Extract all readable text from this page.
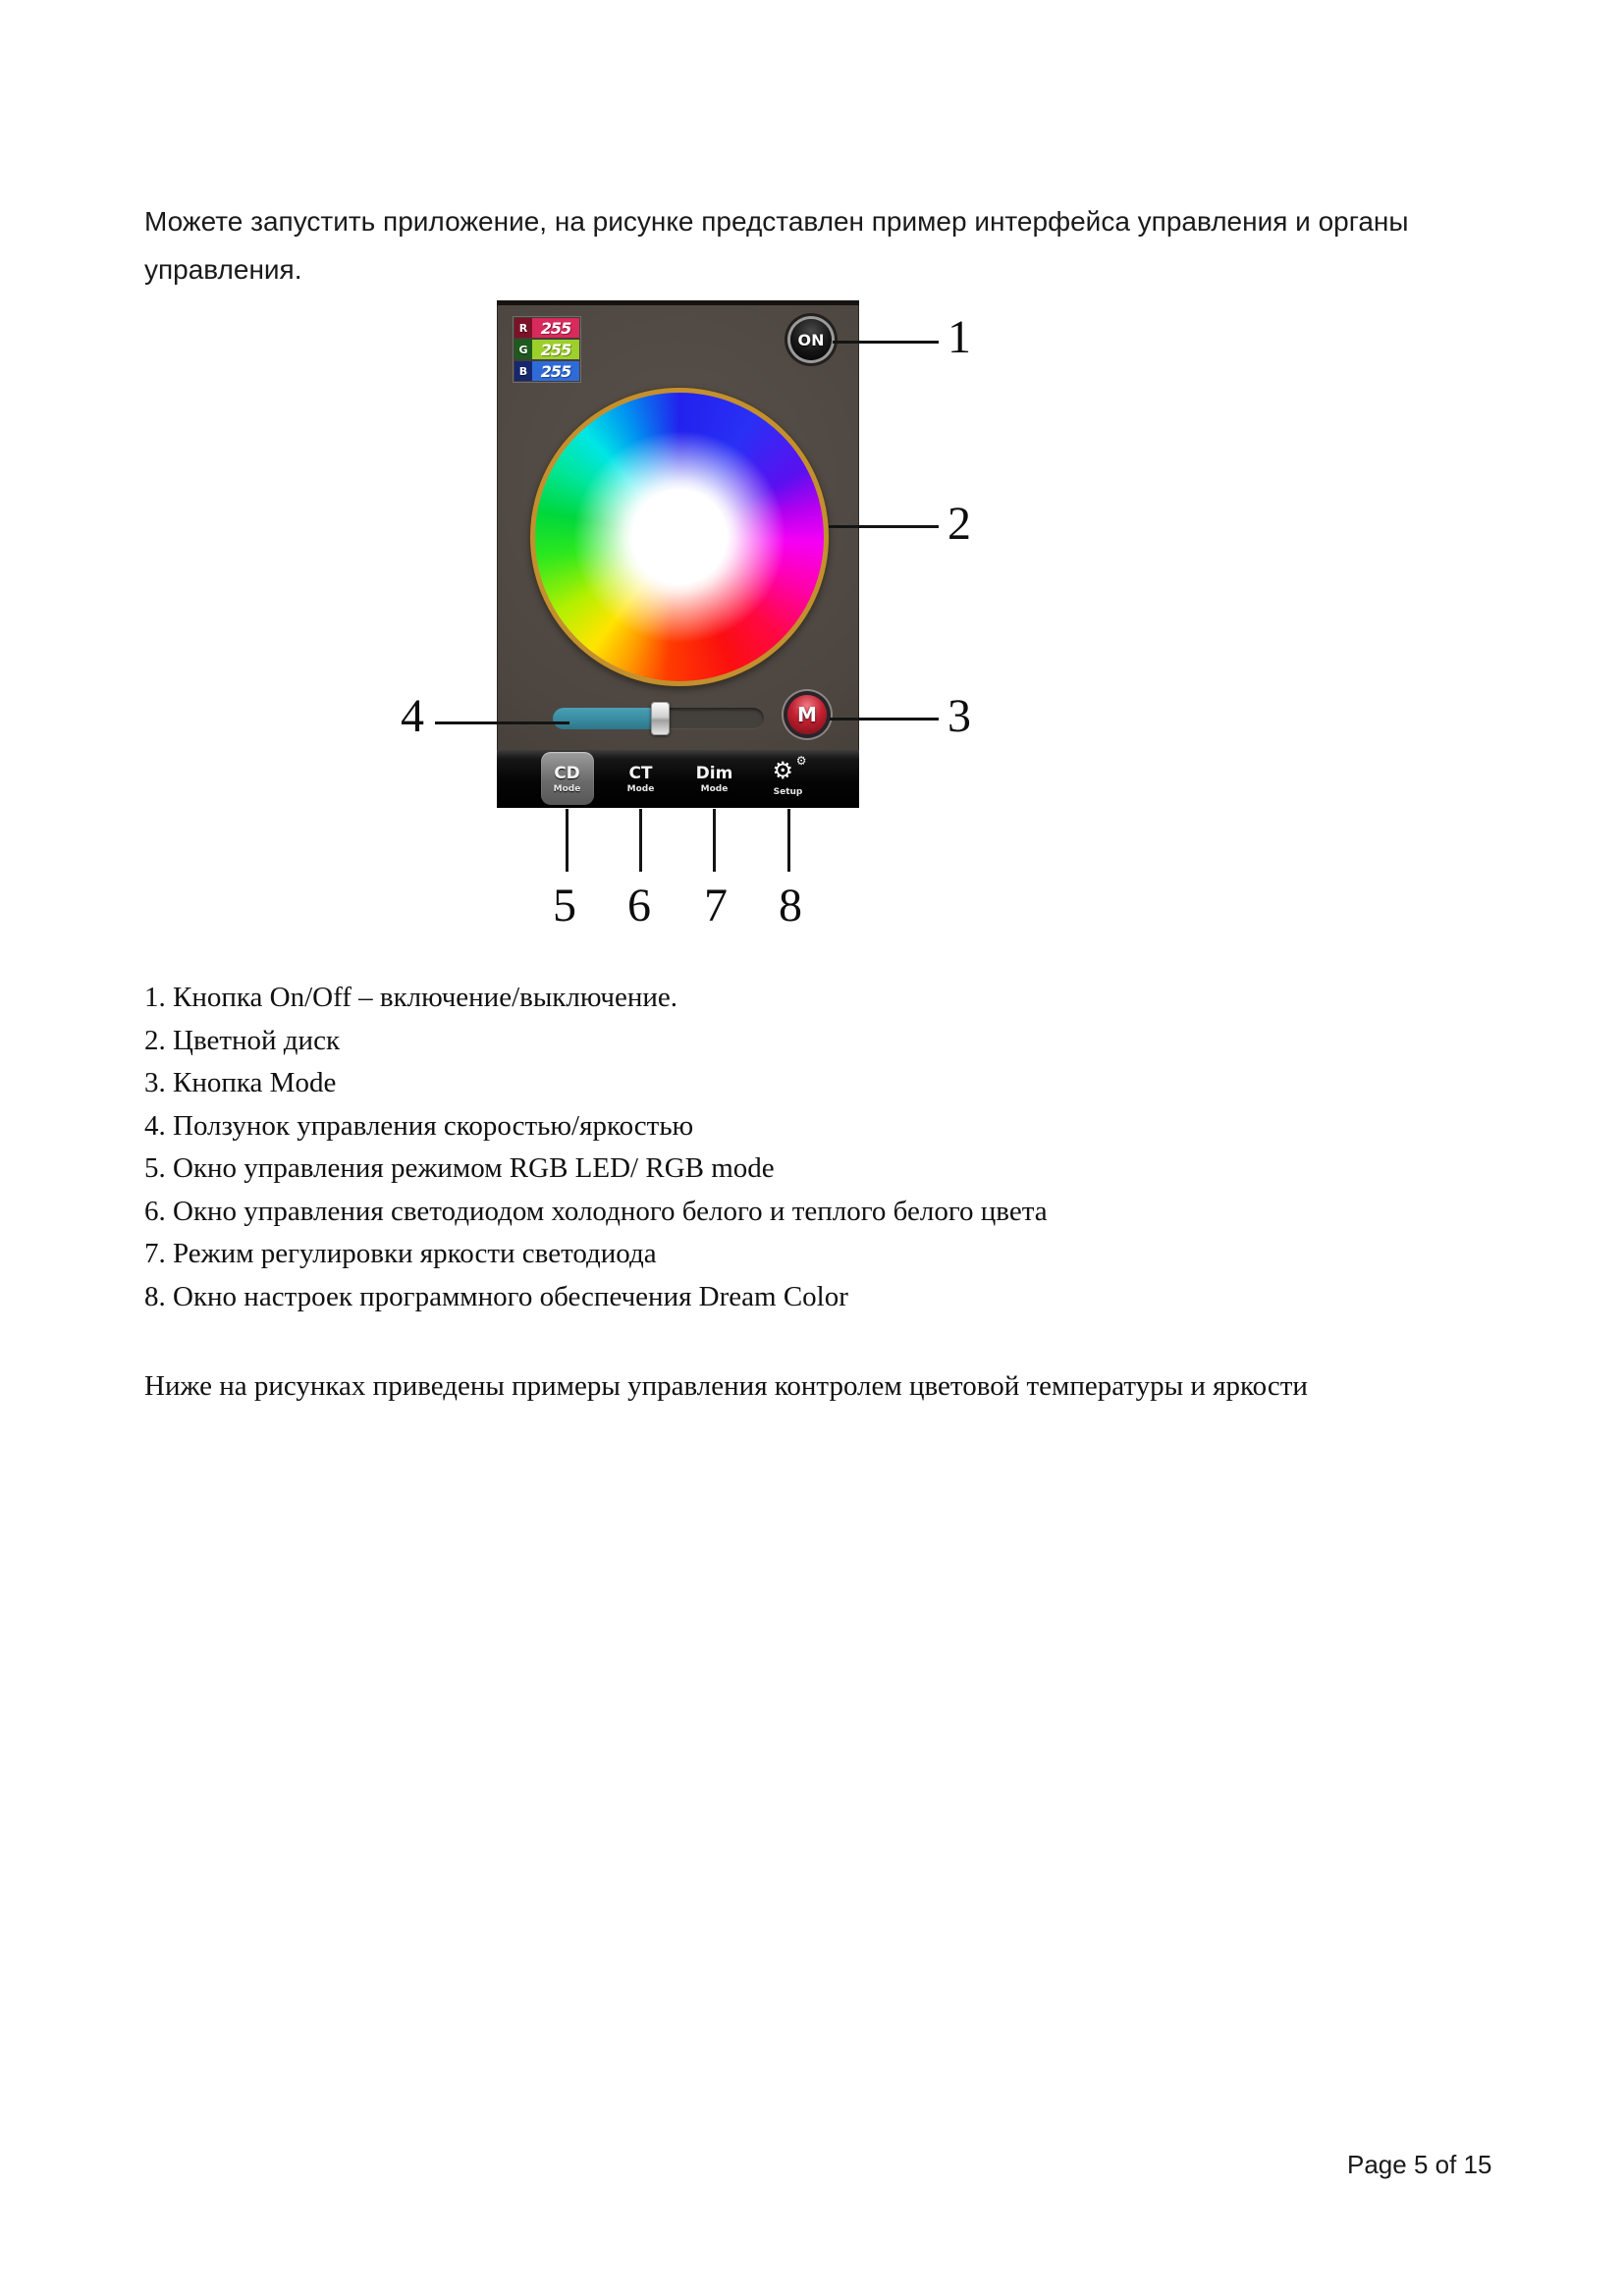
Можете запустить приложение, на рисунке представлен пример интерфейса управления и органы
управления.
R 255
G 255
B 255
ON
M
CD
Mode
CT
Mode
Dim
Mode
⚙ ⚙
Setup
1
2
3
4
5 6 7 8
1. Кнопка On/Off – включение/выключение.
2. Цветной диск
3. Кнопка Mode
4. Ползунок управления скоростью/яркостью
5. Окно управления режимом RGB LED/ RGB mode
6. Окно управления светодиодом холодного белого и теплого белого цвета
7. Режим регулировки яркости светодиода
8. Окно настроек программного обеспечения Dream Color
Ниже на рисунках приведены примеры управления контролем цветовой температуры и яркости
Page 5 of 15
